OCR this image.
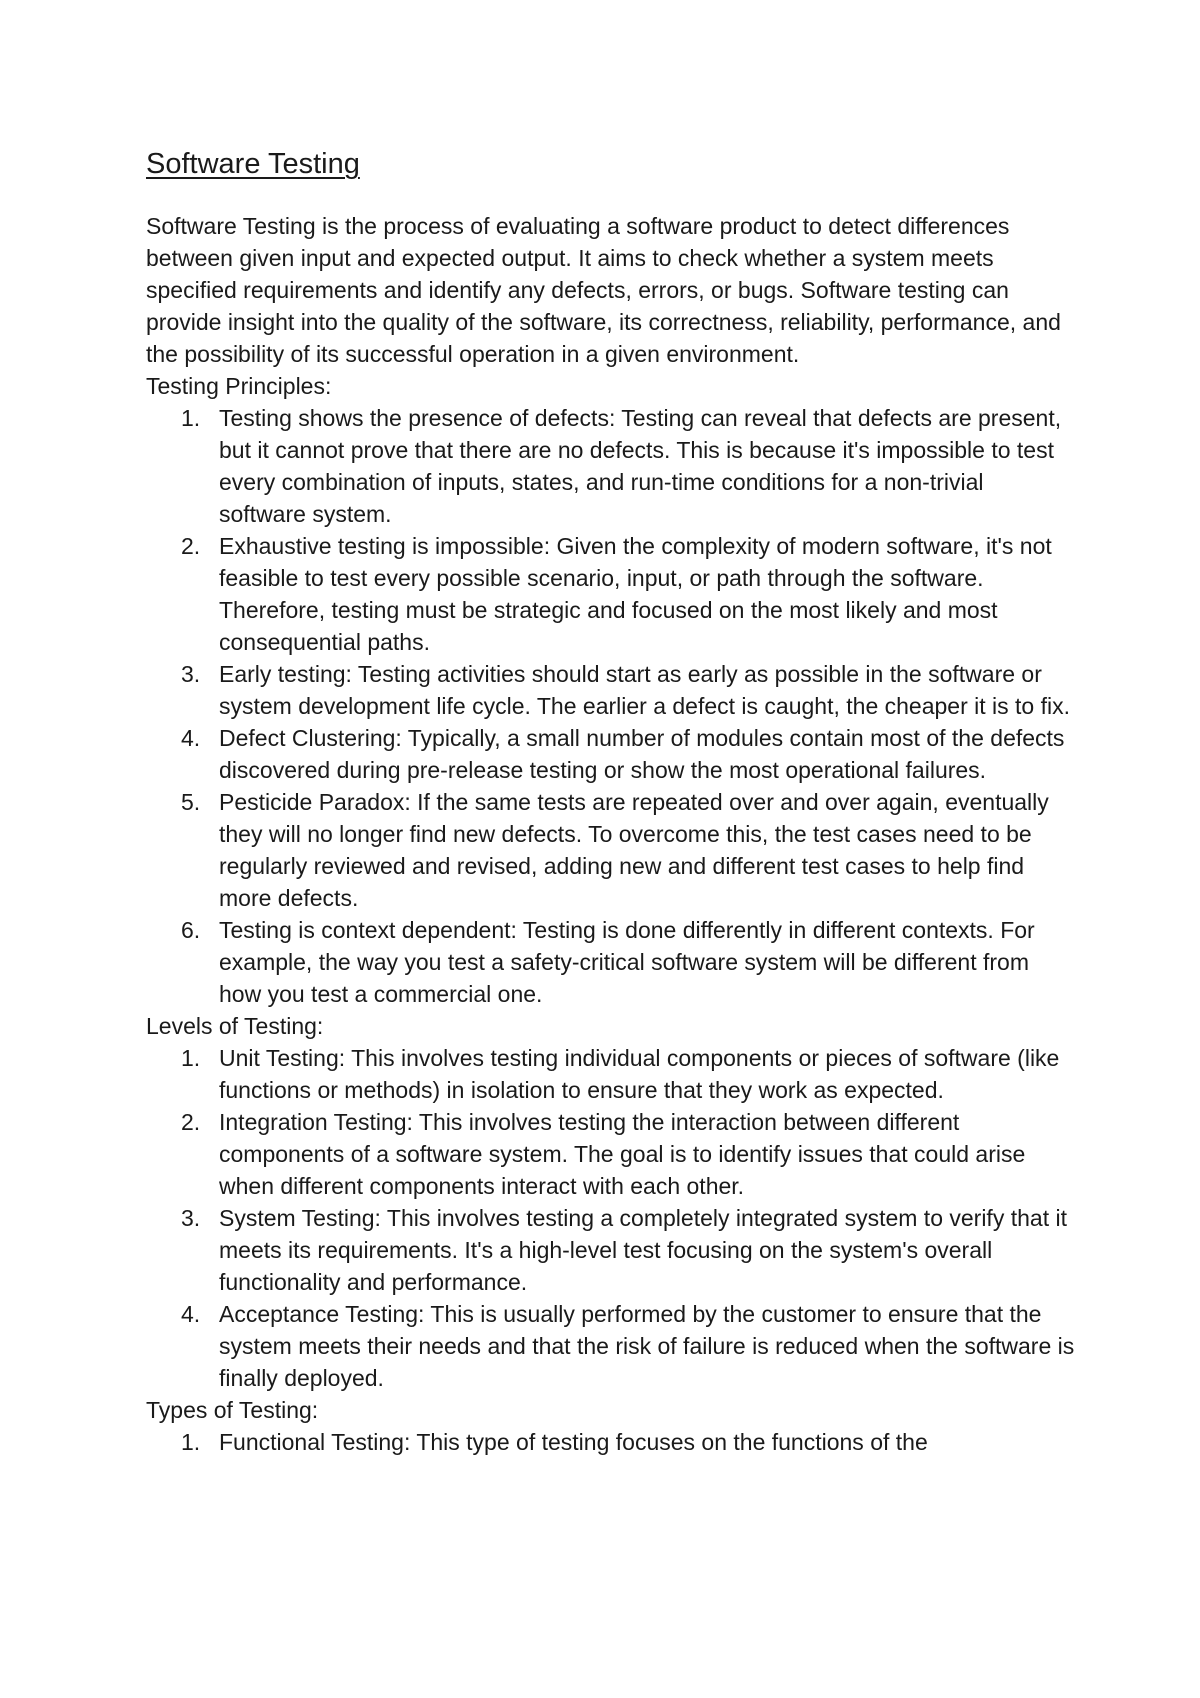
Software Testing

Software Testing is the process of evaluating a software product to detect differences between given input and expected output. It aims to check whether a system meets specified requirements and identify any defects, errors, or bugs. Software testing can provide insight into the quality of the software, its correctness, reliability, performance, and the possibility of its successful operation in a given environment.

Testing Principles:

1. Testing shows the presence of defects: Testing can reveal that defects are present, but it cannot prove that there are no defects. This is because it's impossible to test every combination of inputs, states, and run-time conditions for a non-trivial software system.
2. Exhaustive testing is impossible: Given the complexity of modern software, it's not feasible to test every possible scenario, input, or path through the software. Therefore, testing must be strategic and focused on the most likely and most consequential paths.
3. Early testing: Testing activities should start as early as possible in the software or system development life cycle. The earlier a defect is caught, the cheaper it is to fix.
4. Defect Clustering: Typically, a small number of modules contain most of the defects discovered during pre-release testing or show the most operational failures.
5. Pesticide Paradox: If the same tests are repeated over and over again, eventually they will no longer find new defects. To overcome this, the test cases need to be regularly reviewed and revised, adding new and different test cases to help find more defects.
6. Testing is context dependent: Testing is done differently in different contexts. For example, the way you test a safety-critical software system will be different from how you test a commercial one.

Levels of Testing:

1. Unit Testing: This involves testing individual components or pieces of software (like functions or methods) in isolation to ensure that they work as expected.
2. Integration Testing: This involves testing the interaction between different components of a software system. The goal is to identify issues that could arise when different components interact with each other.
3. System Testing: This involves testing a completely integrated system to verify that it meets its requirements. It's a high-level test focusing on the system's overall functionality and performance.
4. Acceptance Testing: This is usually performed by the customer to ensure that the system meets their needs and that the risk of failure is reduced when the software is finally deployed.

Types of Testing:

1. Functional Testing: This type of testing focuses on the functions of the
